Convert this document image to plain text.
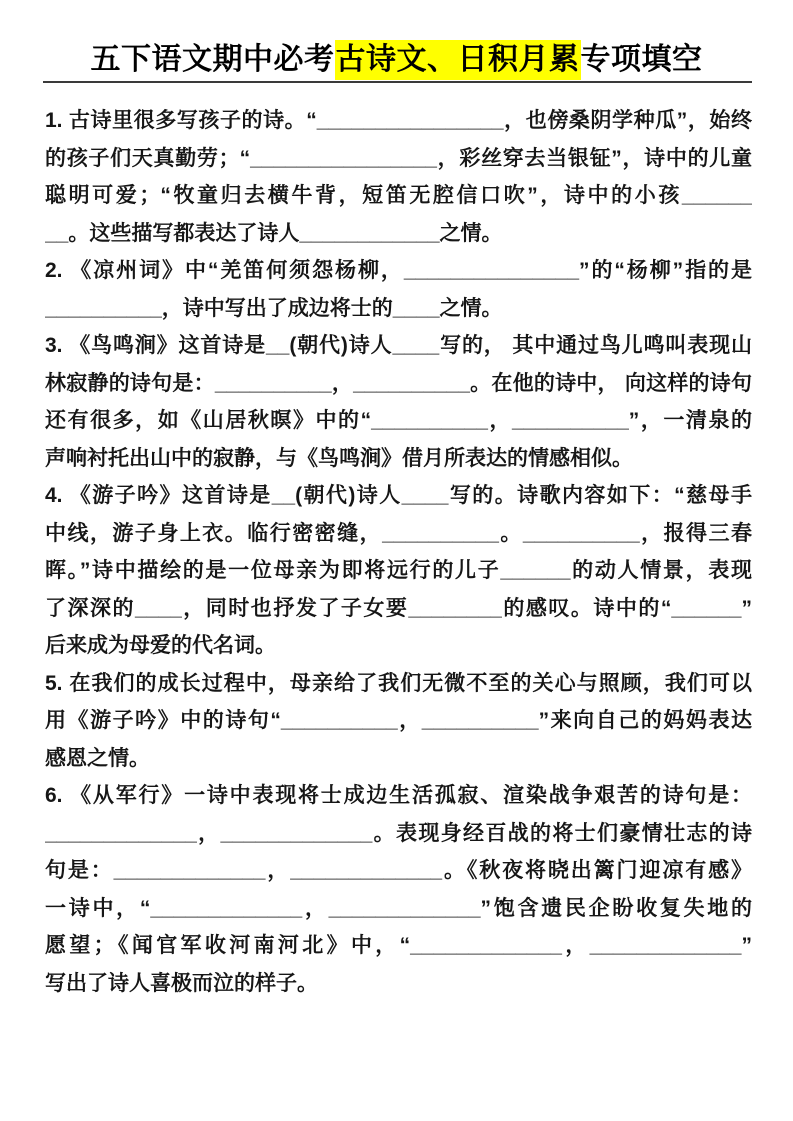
五下语文期中必考古诗文、日积月累专项填空
1. 古诗里很多写孩子的诗。“________________，也傍桑阴学种瓜”，始终
的孩子们天真勤劳；“________________，彩丝穿去当银钲”，诗中的儿童
聪明可爱；“牧童归去横牛背，短笛无腔信口吹”，诗中的小孩______
__。这些描写都表达了诗人____________之情。
2. 《凉州词》中“羌笛何须怨杨柳，_______________”的“杨柳”指的是
__________，诗中写出了成边将士的____之情。
3. 《鸟鸣涧》这首诗是__(朝代)诗人____写的， 其中通过鸟儿鸣叫表现山
林寂静的诗句是：__________，__________。在他的诗中， 向这样的诗句
还有很多，如《山居秋暝》中的“__________，__________”，一清泉的
声响衬托出山中的寂静，与《鸟鸣涧》借月所表达的情感相似。
4. 《游子吟》这首诗是__(朝代)诗人____写的。诗歌内容如下：“慈母手
中线，游子身上衣。临行密密缝，__________。__________，报得三春
晖。”诗中描绘的是一位母亲为即将远行的儿子______的动人情景，表现
了深深的____，同时也抒发了子女要________的感叹。诗中的“______”
后来成为母爱的代名词。
5. 在我们的成长过程中，母亲给了我们无微不至的关心与照顾，我们可以
用《游子吟》中的诗句“__________，__________”来向自己的妈妈表达
感恩之情。
6. 《从军行》一诗中表现将士成边生活孤寂、渲染战争艰苦的诗句是：
_____________，_____________。表现身经百战的将士们豪情壮志的诗
句是：_____________，_____________。《秋夜将晓出篱门迎凉有感》
一诗中，“_____________，_____________”饱含遗民企盼收复失地的
愿望；《闻官军收河南河北》中，“_____________，_____________”
写出了诗人喜极而泣的样子。
